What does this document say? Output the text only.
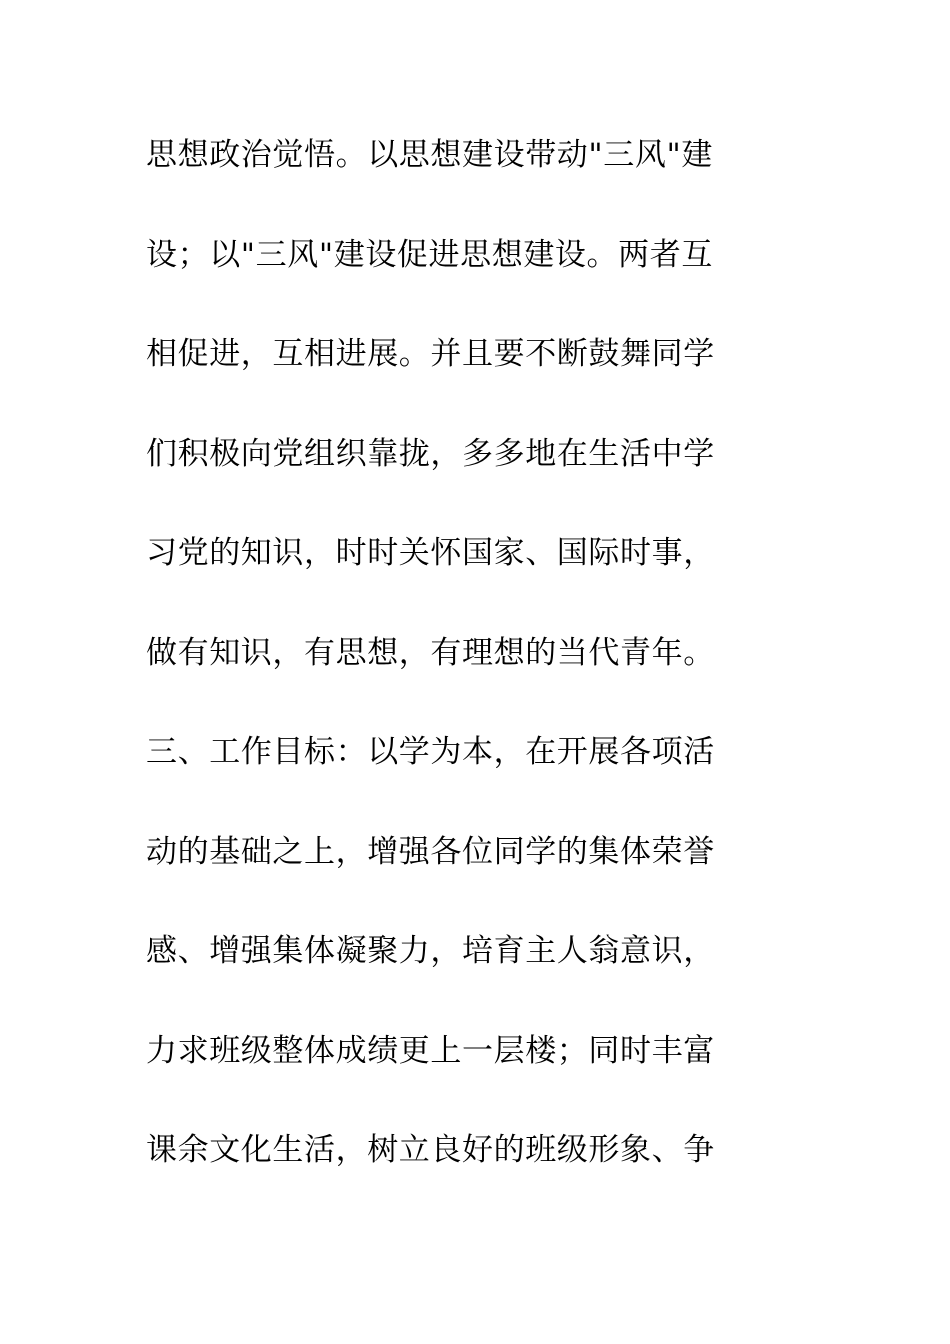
思想政治觉悟。以思想建设带动"三风"建
设；以"三风"建设促进思想建设。两者互
相促进，互相进展。并且要不断鼓舞同学
们积极向党组织靠拢，多多地在生活中学
习党的知识，时时关怀国家、国际时事，
做有知识，有思想，有理想的当代青年。
三、工作目标：以学为本，在开展各项活
动的基础之上，增强各位同学的集体荣誉
感、增强集体凝聚力，培育主人翁意识，
力求班级整体成绩更上一层楼；同时丰富
课余文化生活，树立良好的班级形象、争
